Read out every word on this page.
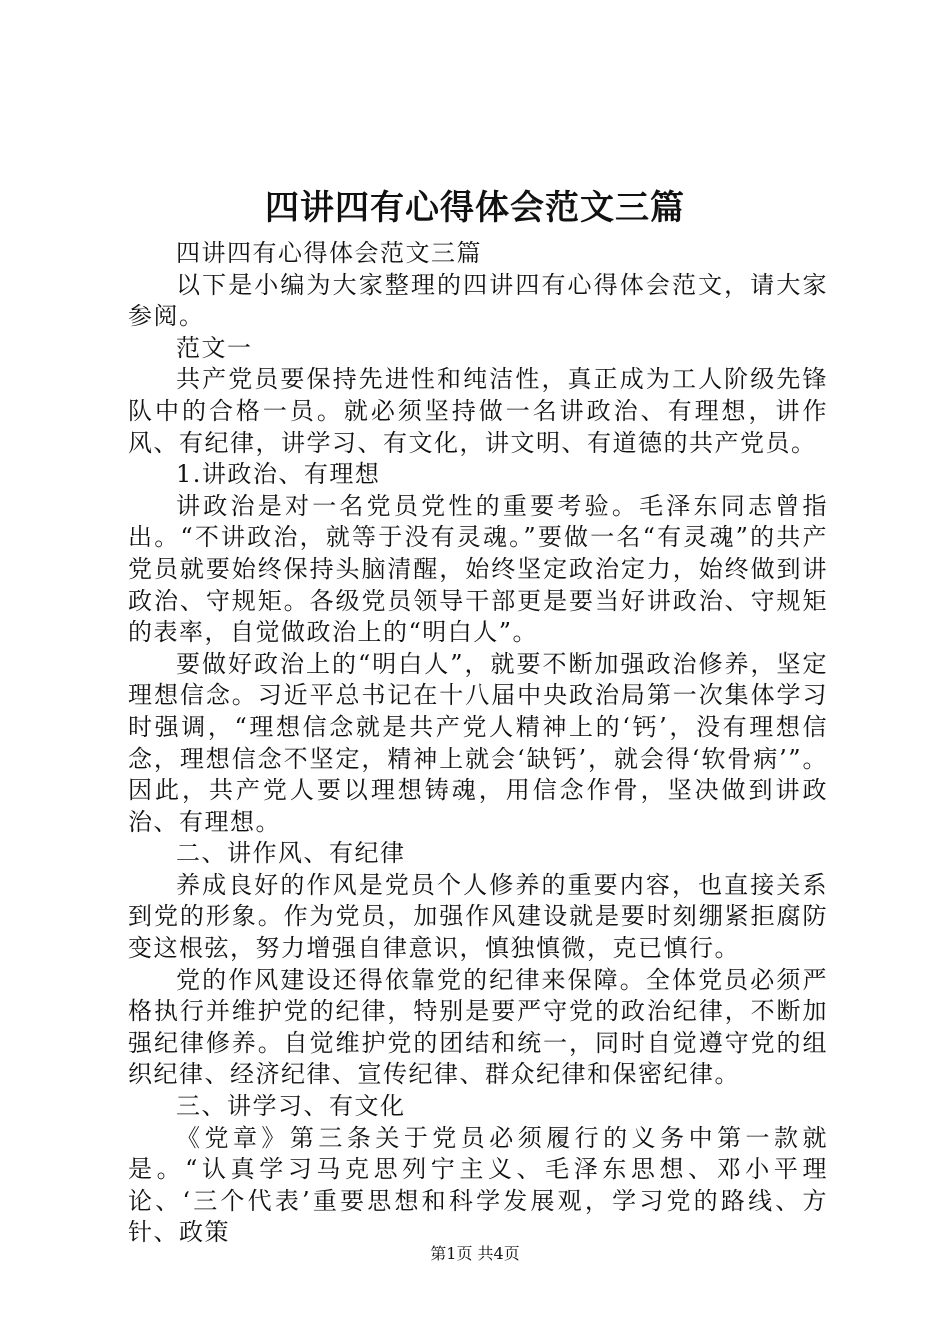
四讲四有心得体会范文三篇

四讲四有心得体会范文三篇

以下是小编为大家整理的四讲四有心得体会范文，请大家参阅。

范文一

共产党员要保持先进性和纯洁性，真正成为工人阶级先锋队中的合格一员。就必须坚持做一名讲政治、有理想，讲作风、有纪律，讲学习、有文化，讲文明、有道德的共产党员。

1.讲政治、有理想

讲政治是对一名党员党性的重要考验。毛泽东同志曾指出。“不讲政治，就等于没有灵魂。”要做一名“有灵魂”的共产党员就要始终保持头脑清醒，始终坚定政治定力，始终做到讲政治、守规矩。各级党员领导干部更是要当好讲政治、守规矩的表率，自觉做政治上的“明白人”。

要做好政治上的“明白人”，就要不断加强政治修养，坚定理想信念。习近平总书记在十八届中央政治局第一次集体学习时强调，“理想信念就是共产党人精神上的‘钙’，没有理想信念，理想信念不坚定，精神上就会‘缺钙’，就会得‘软骨病’”。因此，共产党人要以理想铸魂，用信念作骨，坚决做到讲政治、有理想。

二、讲作风、有纪律

养成良好的作风是党员个人修养的重要内容，也直接关系到党的形象。作为党员，加强作风建设就是要时刻绷紧拒腐防变这根弦，努力增强自律意识，慎独慎微，克已慎行。

党的作风建设还得依靠党的纪律来保障。全体党员必须严格执行并维护党的纪律，特别是要严守党的政治纪律，不断加强纪律修养。自觉维护党的团结和统一，同时自觉遵守党的组织纪律、经济纪律、宣传纪律、群众纪律和保密纪律。

三、讲学习、有文化

《党章》第三条关于党员必须履行的义务中第一款就是。“认真学习马克思列宁主义、毛泽东思想、邓小平理论、‘三个代表’重要思想和科学发展观，学习党的路线、方针、政策

第1页 共4页
